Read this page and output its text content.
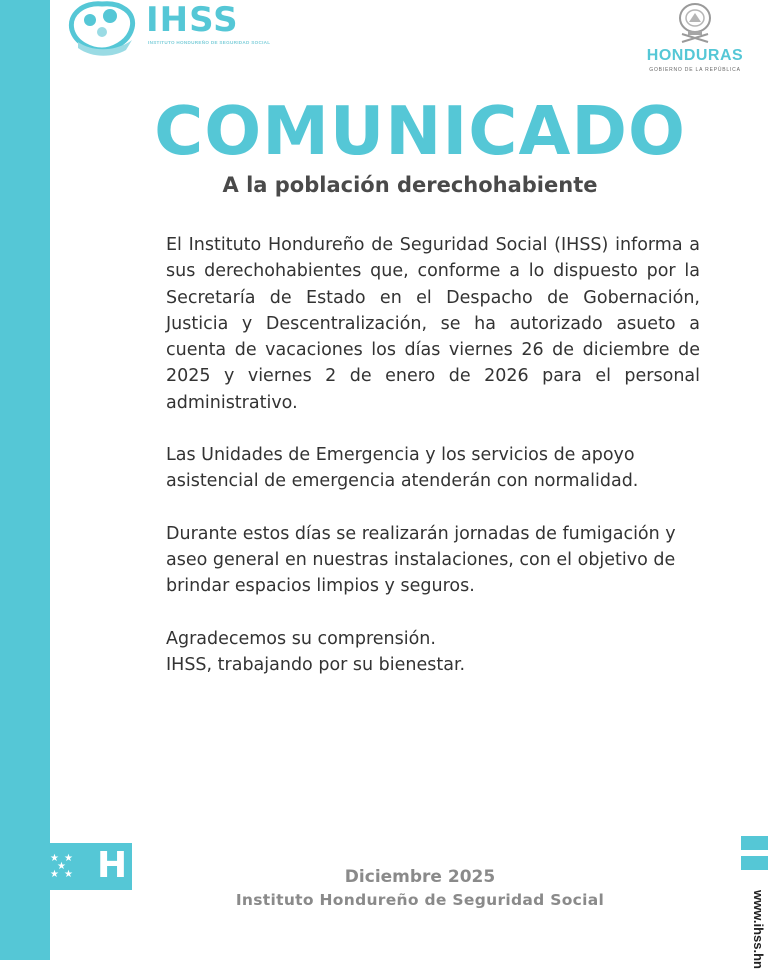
IHSS
INSTITUTO HONDUREÑO DE SEGURIDAD SOCIAL
HONDURAS
GOBIERNO DE LA REPÚBLICA
COMUNICADO
A la población derechohabiente

El Instituto Hondureño de Seguridad Social (IHSS) informa a sus derechohabientes que, conforme a lo dispuesto por la Secretaría de Estado en el Despacho de Gobernación, Justicia y Descentralización, se ha autorizado asueto a cuenta de vacaciones los días viernes 26 de diciembre de 2025 y viernes 2 de enero de 2026 para el personal administrativo.

Las Unidades de Emergencia y los servicios de apoyo asistencial de emergencia atenderán con normalidad.

Durante estos días se realizarán jornadas de fumigación y aseo general en nuestras instalaciones, con el objetivo de brindar espacios limpios y seguros.

Agradecemos su comprensión.
IHSS, trabajando por su bienestar.
★ ★
★
★ ★ H	Diciembre 2025
Instituto Hondureño de Seguridad Social	www.ihss.hn
